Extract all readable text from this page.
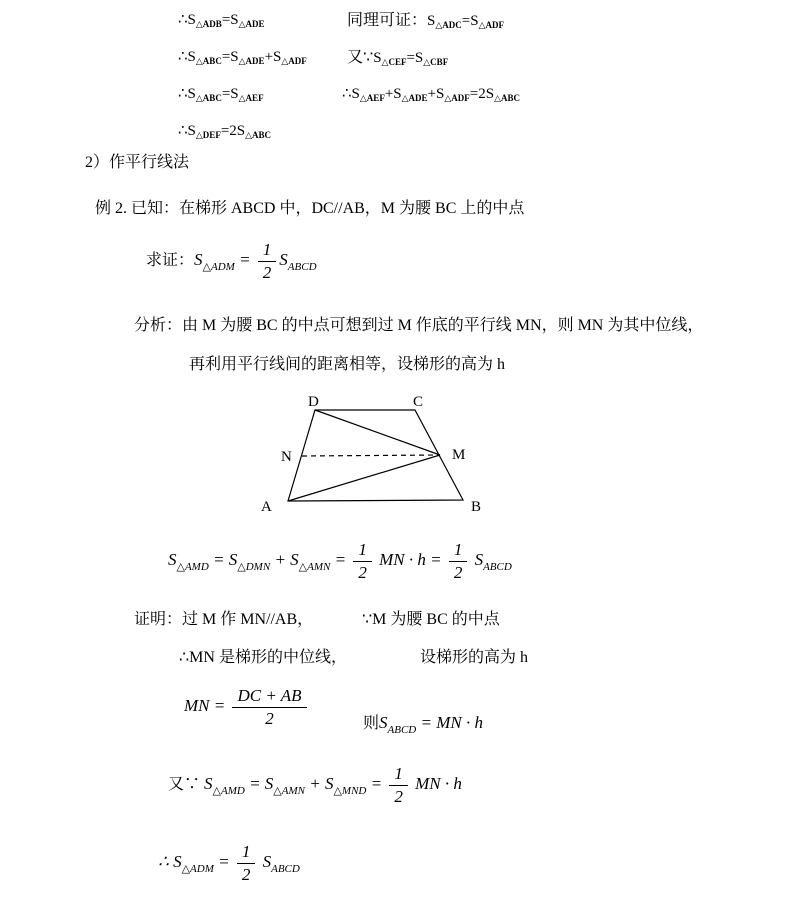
$\therefore S_{\triangle ADB}=S_{\triangle ADE}$	同理可证：$S_{\triangle ADC}=S_{\triangle ADF}$
$\therefore S_{\triangle ABC}=S_{\triangle ADE}+S_{\triangle ADF}$	又$\because S_{\triangle CEF}=S_{\triangle CBF}$
$\therefore S_{\triangle ABC}=S_{\triangle AEF}$	$\therefore S_{\triangle AEF}+S_{\triangle ADE}+S_{\triangle ADF}=2S_{\triangle ABC}$
$\therefore S_{\triangle DEF}=2S_{\triangle ABC}$
2）作平行线法
例 2. 已知：在梯形 ABCD 中，DC//AB，M 为腰 BC 上的中点
求证：$S_{\triangle ADM} = \frac{1}{2} S_{ABCD}$
分析：由 M 为腰 BC 的中点可想到过 M 作底的平行线 MN，则 MN 为其中位线，
再利用平行线间的距离相等，设梯形的高为 h
D	C
N	M
A	B
$S_{\triangle AMD} = S_{\triangle DMN} + S_{\triangle AMN} = \frac{1}{2}$ MN · $h = \frac{1}{2} S_{ABCD}$
证明：过 M 作 MN//AB，	∵M 为腰 BC 的中点
∴MN 是梯形的中位线，	设梯形的高为 h
MN = $\frac{DC + AB}{2}$	则$S_{ABCD}$ = MN · h
又∵ $S_{\triangle AMD} = S_{\triangle AMN} + S_{\triangle MND} = \frac{1}{2}$ MN · h
∴ $S_{\triangle ADM} = \frac{1}{2} S_{ABCD}$
